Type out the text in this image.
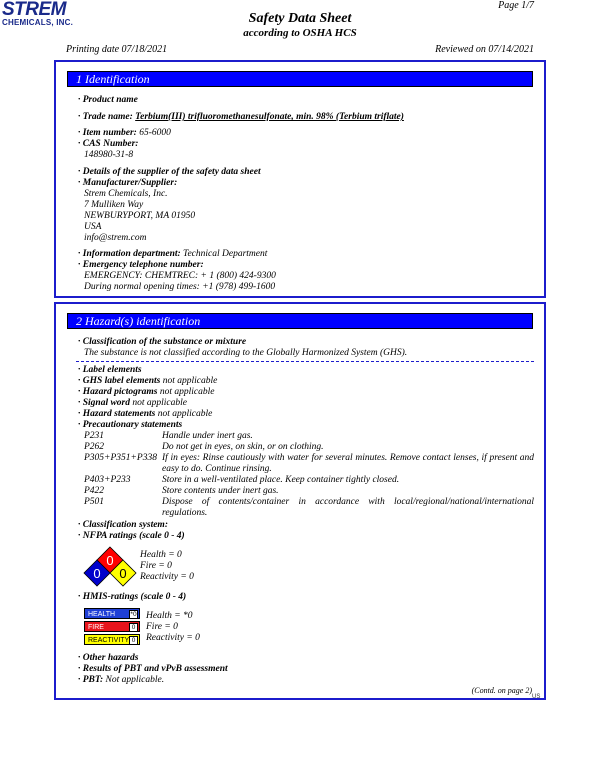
STREM
CHEMICALS, INC.
Page 1/7
Safety Data Sheet
according to OSHA HCS
Printing date 07/18/2021	Reviewed on 07/14/2021
1 Identification
· Product name
· Trade name: Terbium(III) trifluoromethanesulfonate, min. 98% (Terbium triflate)
· Item number: 65-6000
· CAS Number:
148980-31-8
· Details of the supplier of the safety data sheet
· Manufacturer/Supplier:
Strem Chemicals, Inc.
7 Mulliken Way
NEWBURYPORT, MA 01950
USA
info@strem.com
· Information department: Technical Department
· Emergency telephone number:
EMERGENCY: CHEMTREC: + 1 (800) 424-9300
During normal opening times: +1 (978) 499-1600
2 Hazard(s) identification
· Classification of the substance or mixture
The substance is not classified according to the Globally Harmonized System (GHS).
· Label elements
· GHS label elements not applicable
· Hazard pictograms not applicable
· Signal word not applicable
· Hazard statements not applicable
· Precautionary statements
P231	Handle under inert gas.
P262	Do not get in eyes, on skin, or on clothing.
P305+P351+P338 If in eyes: Rinse cautiously with water for several minutes. Remove contact lenses, if present and easy to do. Continue rinsing.
P403+P233	Store in a well-ventilated place. Keep container tightly closed.
P422	Store contents under inert gas.
P501	Dispose of contents/container in accordance with local/regional/national/international regulations.
· Classification system:
· NFPA ratings (scale 0 - 4)
0
0 0
Health = 0
Fire = 0
Reactivity = 0
· HMIS-ratings (scale 0 - 4)
HEALTH *0
FIRE	0
REACTIVITY 0
Health = *0
Fire = 0
Reactivity = 0
· Other hazards
· Results of PBT and vPvB assessment
· PBT: Not applicable.
(Contd. on page 2)
US
